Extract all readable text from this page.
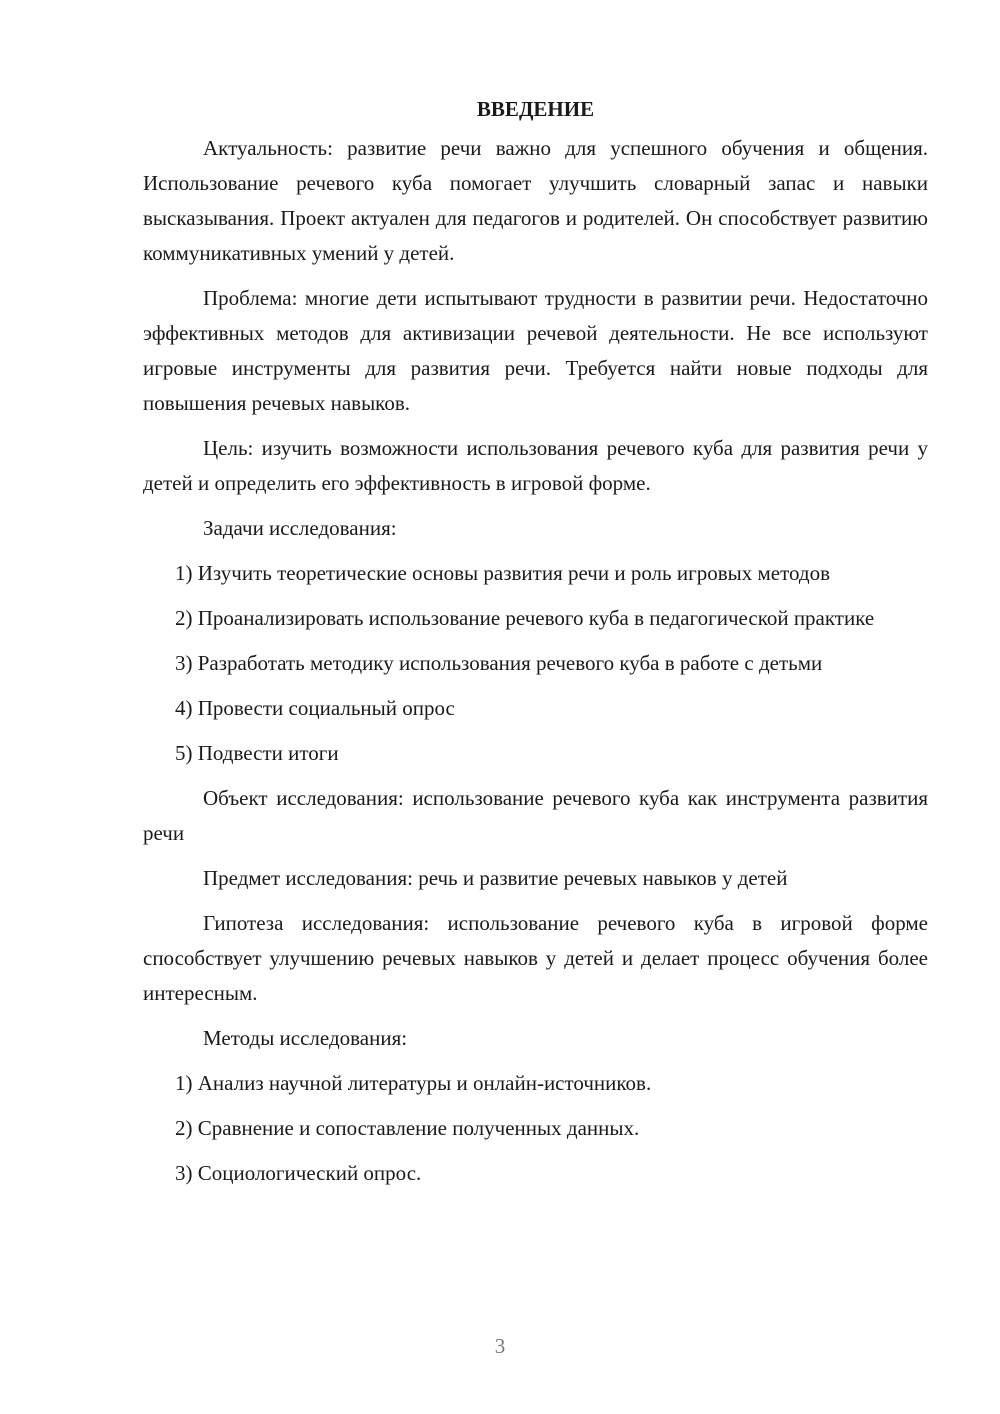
ВВЕДЕНИЕ

Актуальность: развитие речи важно для успешного обучения и общения. Использование речевого куба помогает улучшить словарный запас и навыки высказывания. Проект актуален для педагогов и родителей. Он способствует развитию коммуникативных умений у детей.

Проблема: многие дети испытывают трудности в развитии речи. Недостаточно эффективных методов для активизации речевой деятельности. Не все используют игровые инструменты для развития речи. Требуется найти новые подходы для повышения речевых навыков.

Цель: изучить возможности использования речевого куба для развития речи у детей и определить его эффективность в игровой форме.

Задачи исследования:

1) Изучить теоретические основы развития речи и роль игровых методов

2) Проанализировать использование речевого куба в педагогической практике

3) Разработать методику использования речевого куба в работе с детьми

4) Провести социальный опрос

5) Подвести итоги

Объект исследования: использование речевого куба как инструмента развития речи

Предмет исследования: речь и развитие речевых навыков у детей

Гипотеза исследования: использование речевого куба в игровой форме способствует улучшению речевых навыков у детей и делает процесс обучения более интересным.

Методы исследования:

1) Анализ научной литературы и онлайн-источников.

2) Сравнение и сопоставление полученных данных.

3) Социологический опрос.

3
